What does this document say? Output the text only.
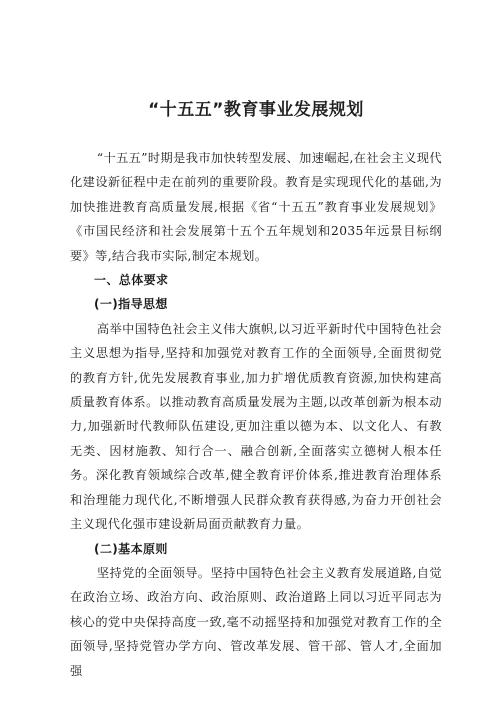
“十五五”教育事业发展规划

“十五五”时期是我市加快转型发展、加速崛起,在社会主义现代化建设新征程中走在前列的重要阶段。教育是实现现代化的基础,为加快推进教育高质量发展,根据《省“十五五”教育事业发展规划》《市国民经济和社会发展第十五个五年规划和2035年远景目标纲要》等,结合我市实际,制定本规划。

一、总体要求
(一)指导思想

高举中国特色社会主义伟大旗帜,以习近平新时代中国特色社会主义思想为指导,坚持和加强党对教育工作的全面领导,全面贯彻党的教育方针,优先发展教育事业,加力扩增优质教育资源,加快构建高质量教育体系。以推动教育高质量发展为主题,以改革创新为根本动力,加强新时代教师队伍建设,更加注重以德为本、以文化人、有教无类、因材施教、知行合一、融合创新,全面落实立德树人根本任务。深化教育领域综合改革,健全教育评价体系,推进教育治理体系和治理能力现代化,不断增强人民群众教育获得感,为奋力开创社会主义现代化强市建设新局面贡献教育力量。

(二)基本原则

坚持党的全面领导。坚持中国特色社会主义教育发展道路,自觉在政治立场、政治方向、政治原则、政治道路上同以习近平同志为核心的党中央保持高度一致,毫不动摇坚持和加强党对教育工作的全面领导,坚持党管办学方向、管改革发展、管干部、管人才,全面加强
